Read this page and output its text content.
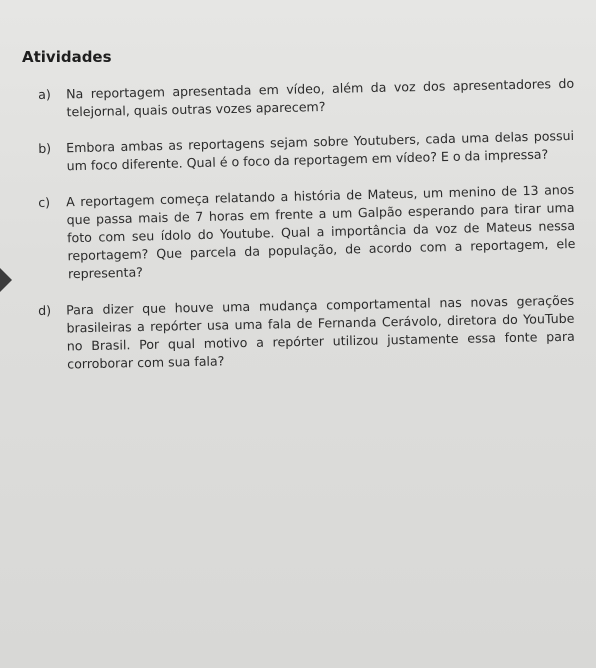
Atividades
a)	Na reportagem apresentada em vídeo, além da voz dos apresentadores do telejornal, quais outras vozes aparecem?
b)	Embora ambas as reportagens sejam sobre Youtubers, cada uma delas possui um foco diferente. Qual é o foco da reportagem em vídeo? E o da impressa?
c)	A reportagem começa relatando a história de Mateus, um menino de 13 anos que passa mais de 7 horas em frente a um Galpão esperando para tirar uma foto com seu ídolo do Youtube. Qual a importância da voz de Mateus nessa reportagem? Que parcela da população, de acordo com a reportagem, ele representa?
d)	Para dizer que houve uma mudança comportamental nas novas gerações brasileiras a repórter usa uma fala de Fernanda Cerávolo, diretora do YouTube no Brasil. Por qual motivo a repórter utilizou justamente essa fonte para corroborar com sua fala?
